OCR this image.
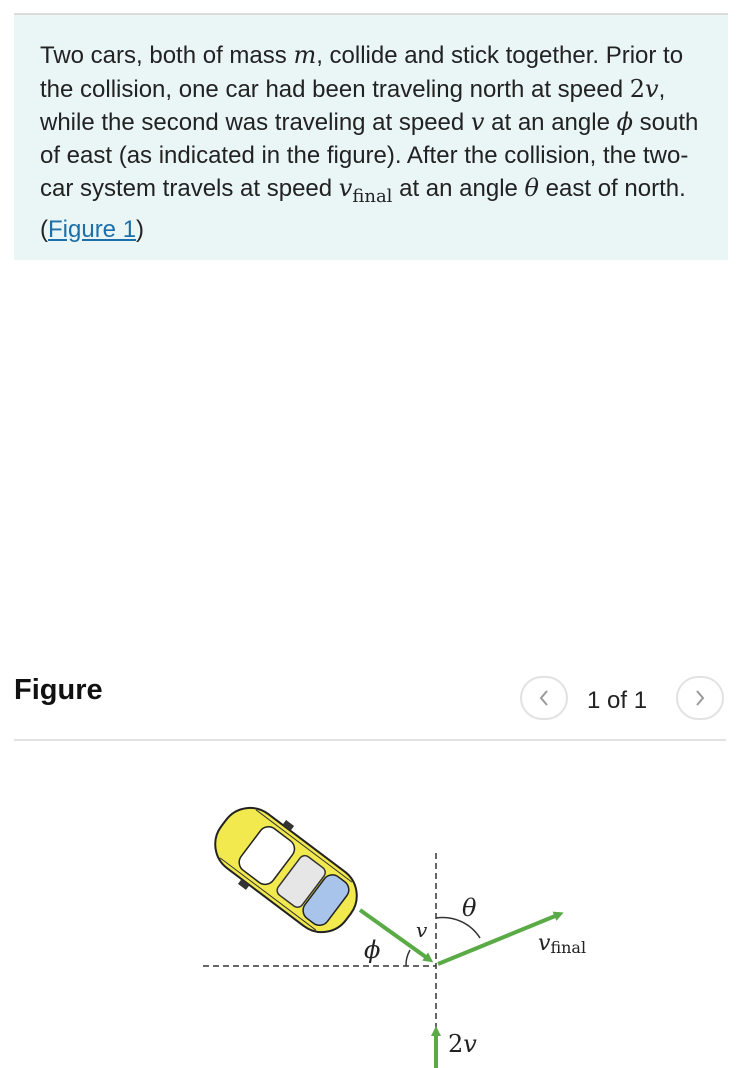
Two cars, both of mass m, collide and stick together. Prior to the collision, one car had been traveling north at speed 2v, while the second was traveling at speed v at an angle ϕ south of east (as indicated in the figure). After the collision, the two-car system travels at speed $v_{final}$ at an angle θ east of north. (Figure 1)

Figure	1 of 1
v
θ
ϕ
2v
vfinal
